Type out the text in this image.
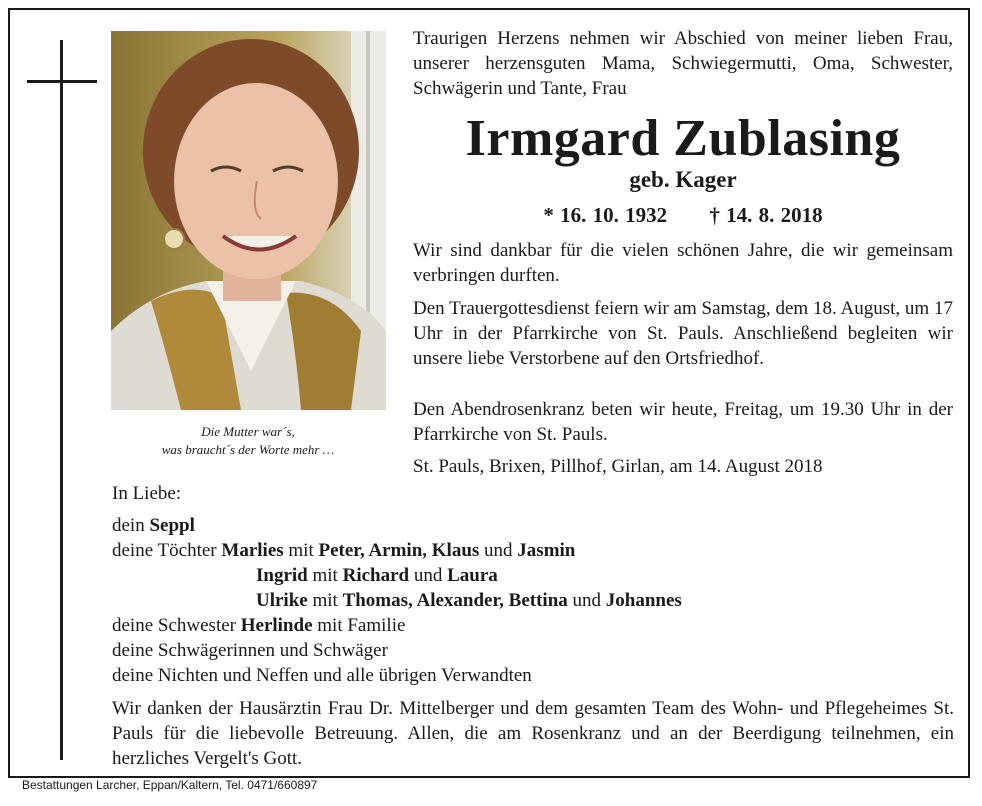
Die Mutter war´s,
was braucht´s der Worte mehr …
Traurigen Herzens nehmen wir Abschied von meiner lieben Frau, unserer herzensguten Mama, Schwiegermutti, Oma, Schwester, Schwägerin und Tante, Frau
Irmgard Zublasing
geb. Kager
* 16. 10. 1932 † 14. 8. 2018
Wir sind dankbar für die vielen schönen Jahre, die wir gemeinsam verbringen durften.
Den Trauergottesdienst feiern wir am Samstag, dem 18. August, um 17 Uhr in der Pfarrkirche von St. Pauls. Anschließend begleiten wir unsere liebe Verstorbene auf den Ortsfriedhof.
Den Abendrosenkranz beten wir heute, Freitag, um 19.30 Uhr in der Pfarrkirche von St. Pauls.
St. Pauls, Brixen, Pillhof, Girlan, am 14. August 2018
In Liebe:
dein Seppl
deine Töchter Marlies mit Peter, Armin, Klaus und Jasmin
Ingrid mit Richard und Laura
Ulrike mit Thomas, Alexander, Bettina und Johannes
deine Schwester Herlinde mit Familie
deine Schwägerinnen und Schwäger
deine Nichten und Neffen und alle übrigen Verwandten
Wir danken der Hausärztin Frau Dr. Mittelberger und dem gesamten Team des Wohn- und Pflegeheimes St. Pauls für die liebevolle Betreuung. Allen, die am Rosenkranz und an der Beerdigung teilnehmen, ein herzliches Vergelt's Gott.
Bestattungen Larcher, Eppan/Kaltern, Tel. 0471/660897
